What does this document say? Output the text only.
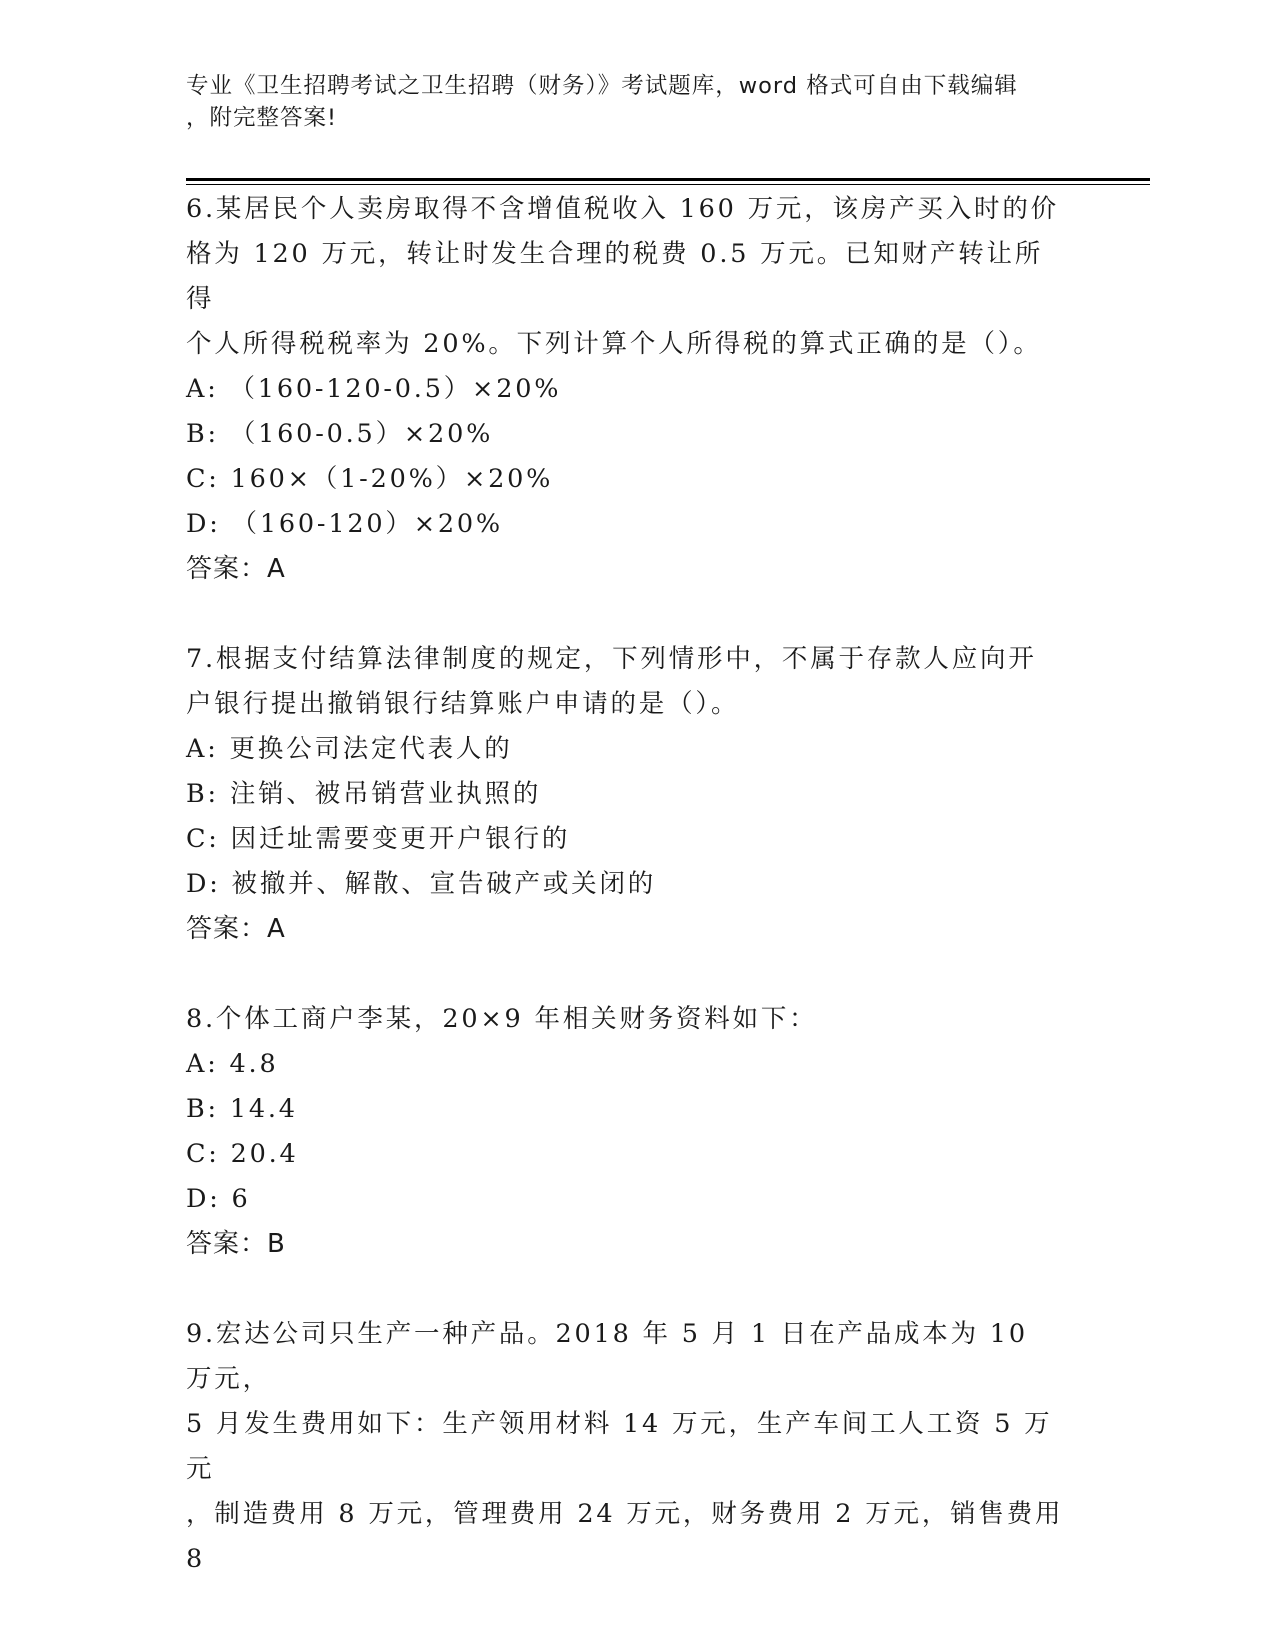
专业《卫生招聘考试之卫生招聘（财务）》考试题库，word 格式可自由下载编辑
，附完整答案!
6.某居民个人卖房取得不含增值税收入 160 万元，该房产买入时的价
格为 120 万元，转让时发生合理的税费 0.5 万元。已知财产转让所得
个人所得税税率为 20%。下列计算个人所得税的算式正确的是（）。
A: （160-120-0.5）×20%
B: （160-0.5）×20%
C: 160×（1-20%）×20%
D: （160-120）×20%
答案：A
7.根据支付结算法律制度的规定，下列情形中，不属于存款人应向开
户银行提出撤销银行结算账户申请的是（）。
A: 更换公司法定代表人的
B: 注销、被吊销营业执照的
C: 因迁址需要变更开户银行的
D: 被撤并、解散、宣告破产或关闭的
答案：A
8.个体工商户李某，20×9 年相关财务资料如下：
A: 4.8
B: 14.4
C: 20.4
D: 6
答案：B
9.宏达公司只生产一种产品。2018 年 5 月 1 日在产品成本为 10 万元，
5 月发生费用如下：生产领用材料 14 万元，生产车间工人工资 5 万元
，制造费用 8 万元，管理费用 24 万元，财务费用 2 万元，销售费用 8
